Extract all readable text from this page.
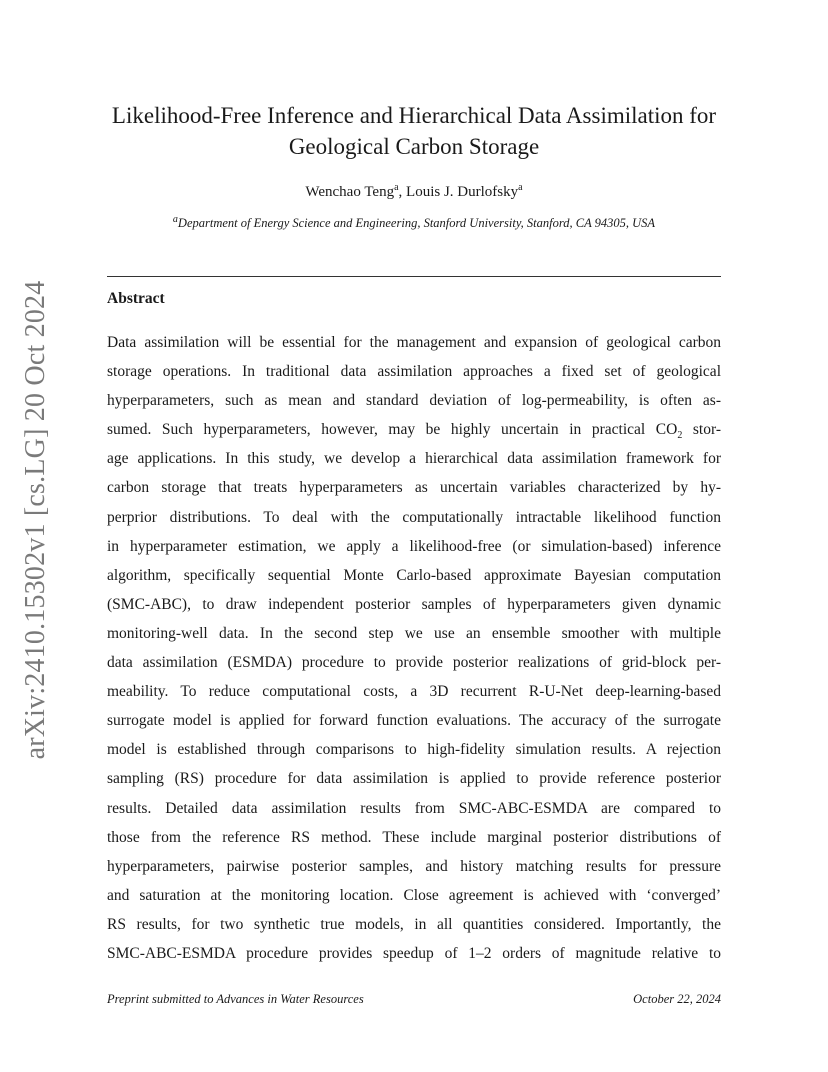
arXiv:2410.15302v1 [cs.LG] 20 Oct 2024
Likelihood-Free Inference and Hierarchical Data Assimilation for
Geological Carbon Storage
Wenchao Teng$^a$, Louis J. Durlofsky$^a$
$^a$Department of Energy Science and Engineering, Stanford University, Stanford, CA 94305, USA
Abstract
Data assimilation will be essential for the management and expansion of geological carbon
storage operations. In traditional data assimilation approaches a fixed set of geological
hyperparameters, such as mean and standard deviation of log-permeability, is often as-
sumed. Such hyperparameters, however, may be highly uncertain in practical $CO_2$ stor-
age applications. In this study, we develop a hierarchical data assimilation framework for
carbon storage that treats hyperparameters as uncertain variables characterized by hy-
perprior distributions. To deal with the computationally intractable likelihood function
in hyperparameter estimation, we apply a likelihood-free (or simulation-based) inference
algorithm, specifically sequential Monte Carlo-based approximate Bayesian computation
(SMC-ABC), to draw independent posterior samples of hyperparameters given dynamic
monitoring-well data. In the second step we use an ensemble smoother with multiple
data assimilation (ESMDA) procedure to provide posterior realizations of grid-block per-
meability. To reduce computational costs, a 3D recurrent R-U-Net deep-learning-based
surrogate model is applied for forward function evaluations. The accuracy of the surrogate
model is established through comparisons to high-fidelity simulation results. A rejection
sampling (RS) procedure for data assimilation is applied to provide reference posterior
results. Detailed data assimilation results from SMC-ABC-ESMDA are compared to
those from the reference RS method. These include marginal posterior distributions of
hyperparameters, pairwise posterior samples, and history matching results for pressure
and saturation at the monitoring location. Close agreement is achieved with ‘converged’
RS results, for two synthetic true models, in all quantities considered. Importantly, the
SMC-ABC-ESMDA procedure provides speedup of 1–2 orders of magnitude relative to
Preprint submitted to Advances in Water Resources	October 22, 2024
